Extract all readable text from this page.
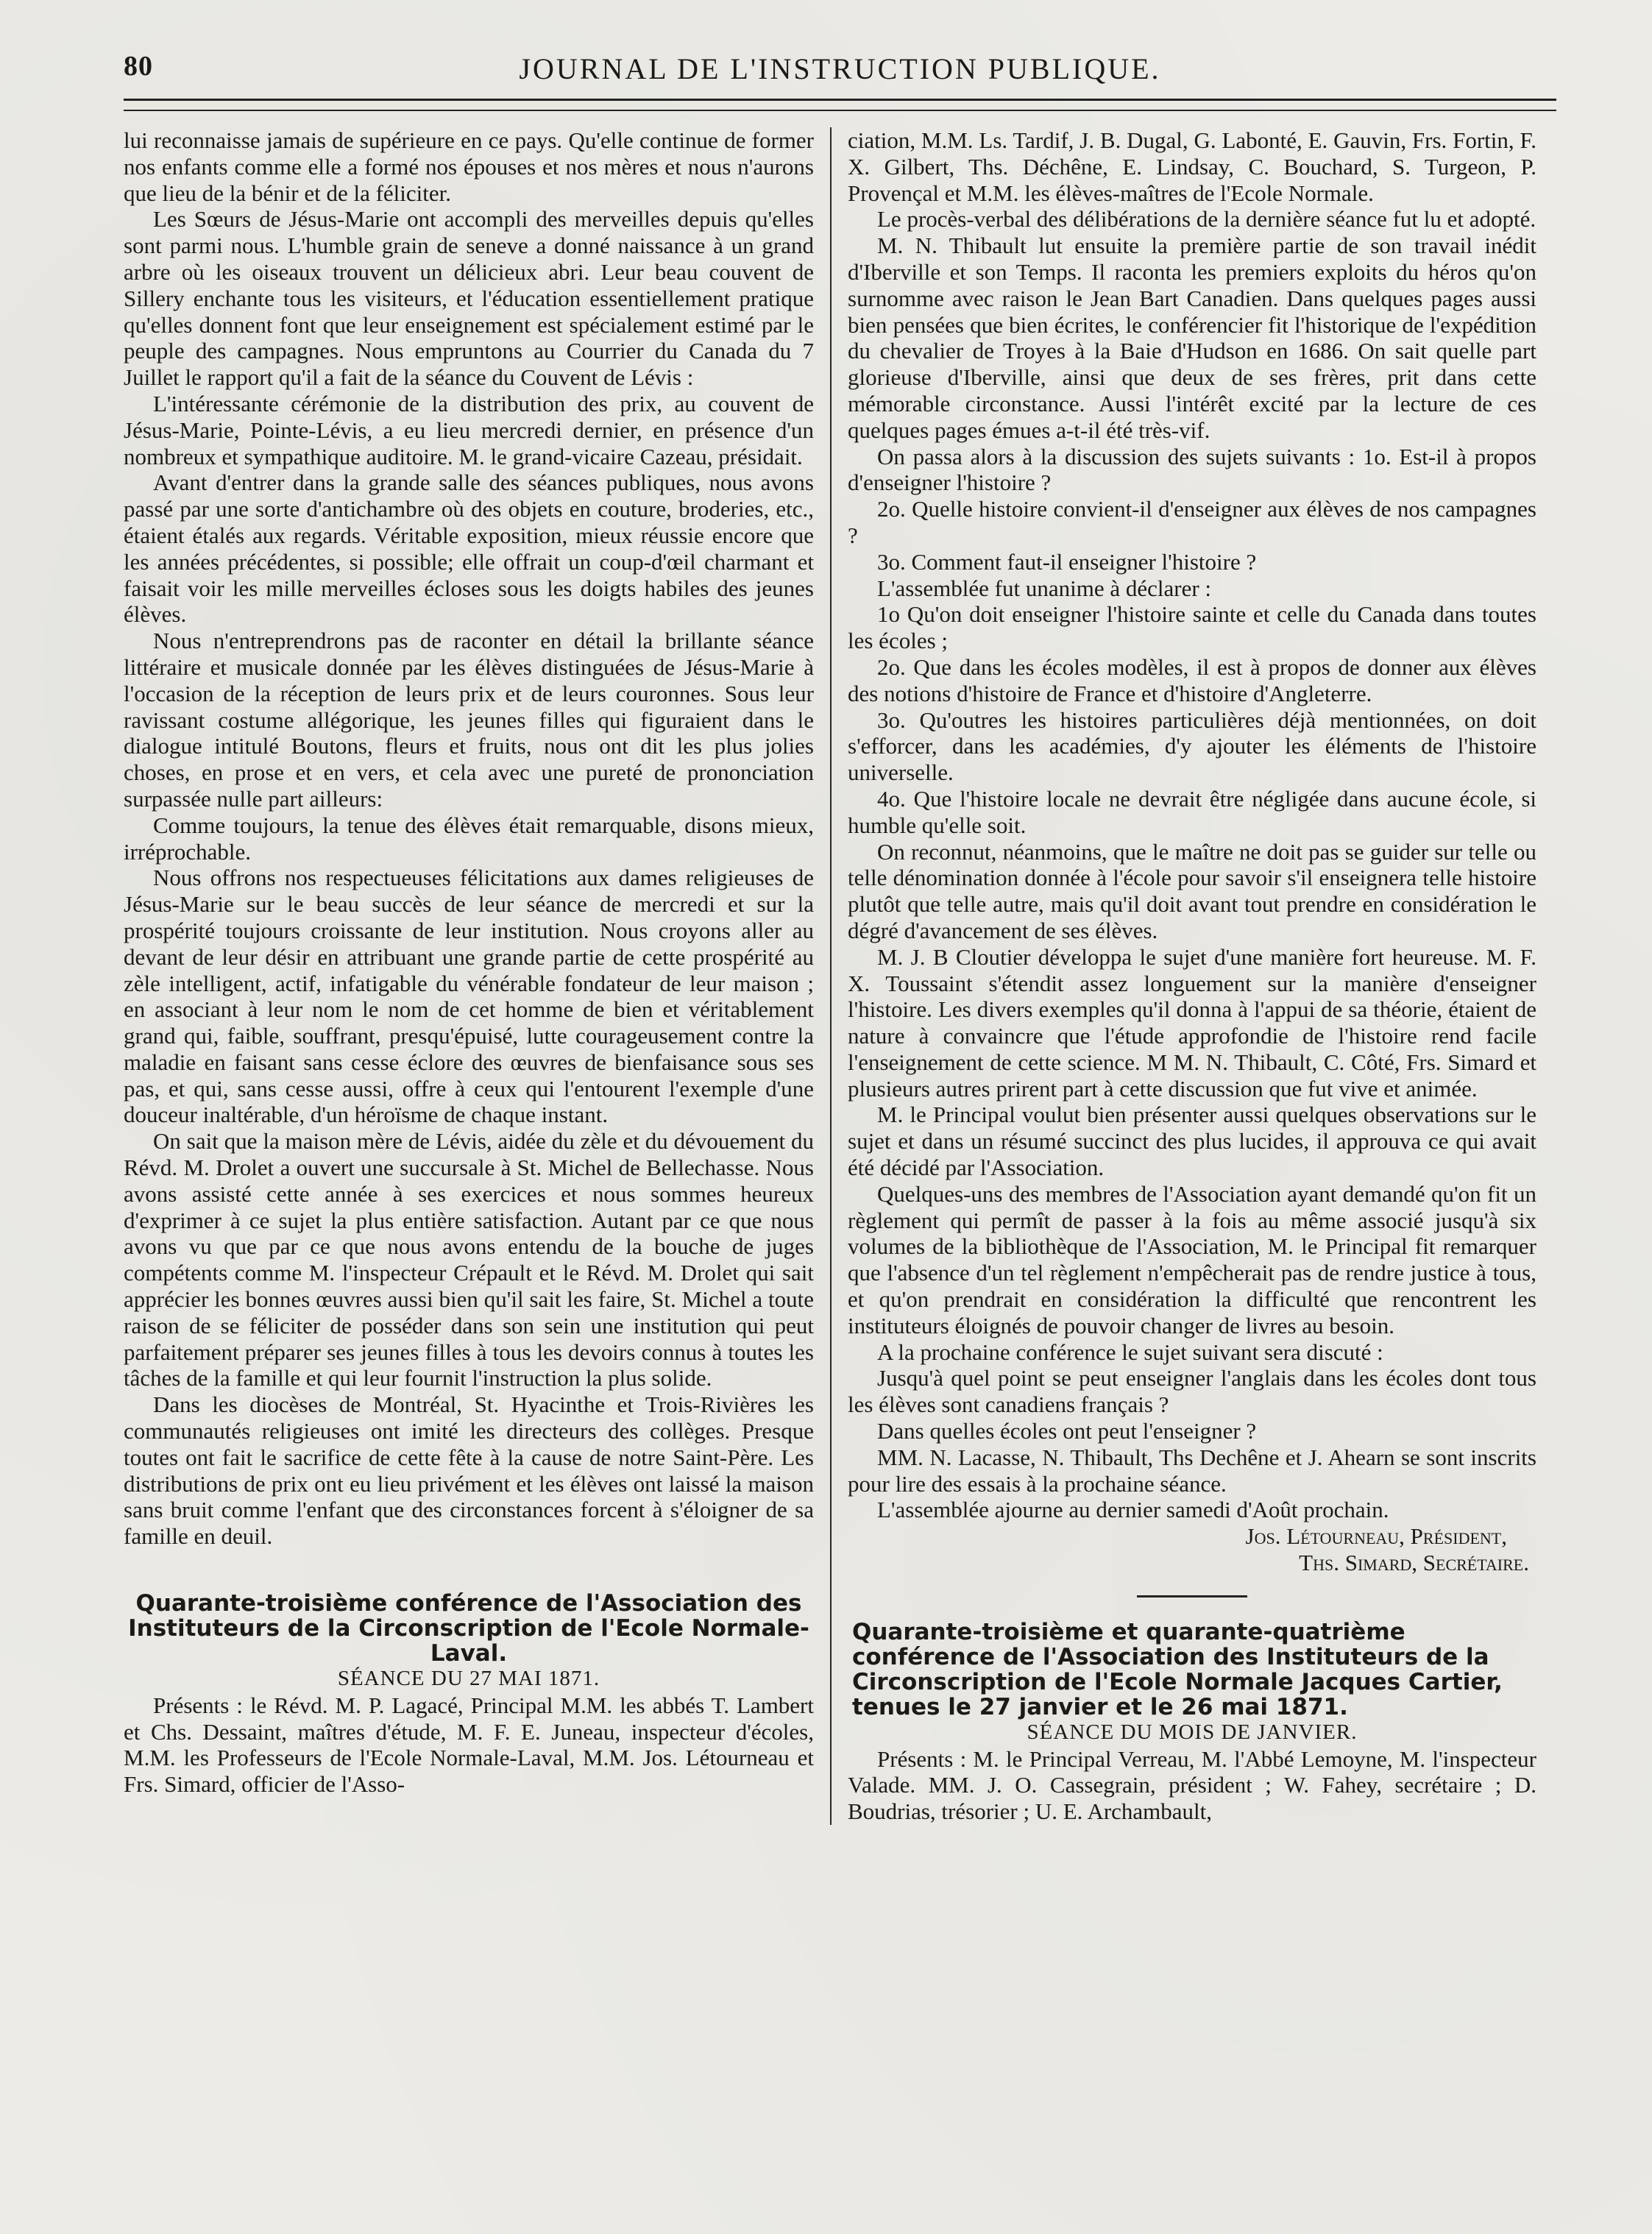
80	JOURNAL DE L'INSTRUCTION PUBLIQUE.

lui reconnaisse jamais de supérieure en ce pays. Qu'elle continue de former nos enfants comme elle a formé nos épouses et nos mères et nous n'aurons que lieu de la bénir et de la féliciter.

Les Sœurs de Jésus-Marie ont accompli des merveilles depuis qu'elles sont parmi nous. L'humble grain de seneve a donné naissance à un grand arbre où les oiseaux trouvent un délicieux abri. Leur beau couvent de Sillery enchante tous les visiteurs, et l'éducation essentiellement pratique qu'elles donnent font que leur enseignement est spécialement estimé par le peuple des campagnes. Nous empruntons au Courrier du Canada du 7 Juillet le rapport qu'il a fait de la séance du Couvent de Lévis :

L'intéressante cérémonie de la distribution des prix, au couvent de Jésus-Marie, Pointe-Lévis, a eu lieu mercredi dernier, en présence d'un nombreux et sympathique auditoire. M. le grand-vicaire Cazeau, présidait.

Avant d'entrer dans la grande salle des séances publiques, nous avons passé par une sorte d'antichambre où des objets en couture, broderies, etc., étaient étalés aux regards. Véritable exposition, mieux réussie encore que les années précédentes, si possible; elle offrait un coup-d'œil charmant et faisait voir les mille merveilles écloses sous les doigts habiles des jeunes élèves.

Nous n'entreprendrons pas de raconter en détail la brillante séance littéraire et musicale donnée par les élèves distinguées de Jésus-Marie à l'occasion de la réception de leurs prix et de leurs couronnes. Sous leur ravissant costume allégorique, les jeunes filles qui figuraient dans le dialogue intitulé Boutons, fleurs et fruits, nous ont dit les plus jolies choses, en prose et en vers, et cela avec une pureté de prononciation surpassée nulle part ailleurs:

Comme toujours, la tenue des élèves était remarquable, disons mieux, irréprochable.

Nous offrons nos respectueuses félicitations aux dames religieuses de Jésus-Marie sur le beau succès de leur séance de mercredi et sur la prospérité toujours croissante de leur institution. Nous croyons aller au devant de leur désir en attribuant une grande partie de cette prospérité au zèle intelligent, actif, infatigable du vénérable fondateur de leur maison ; en associant à leur nom le nom de cet homme de bien et véritablement grand qui, faible, souffrant, presqu'épuisé, lutte courageusement contre la maladie en faisant sans cesse éclore des œuvres de bienfaisance sous ses pas, et qui, sans cesse aussi, offre à ceux qui l'entourent l'exemple d'une douceur inaltérable, d'un héroïsme de chaque instant.

On sait que la maison mère de Lévis, aidée du zèle et du dévouement du Révd. M. Drolet a ouvert une succursale à St. Michel de Bellechasse. Nous avons assisté cette année à ses exercices et nous sommes heureux d'exprimer à ce sujet la plus entière satisfaction. Autant par ce que nous avons vu que par ce que nous avons entendu de la bouche de juges compétents comme M. l'inspecteur Crépault et le Révd. M. Drolet qui sait apprécier les bonnes œuvres aussi bien qu'il sait les faire, St. Michel a toute raison de se féliciter de posséder dans son sein une institution qui peut parfaitement préparer ses jeunes filles à tous les devoirs connus à toutes les tâches de la famille et qui leur fournit l'instruction la plus solide.

Dans les diocèses de Montréal, St. Hyacinthe et Trois-Rivières les communautés religieuses ont imité les directeurs des collèges. Presque toutes ont fait le sacrifice de cette fête à la cause de notre Saint-Père. Les distributions de prix ont eu lieu privément et les élèves ont laissé la maison sans bruit comme l'enfant que des circonstances forcent à s'éloigner de sa famille en deuil.

Quarante-troisième conférence de l'Association des Instituteurs de la Circonscription de l'Ecole Normale-Laval.

SÉANCE DU 27 MAI 1871.

Présents : le Révd. M. P. Lagacé, Principal M.M. les abbés T. Lambert et Chs. Dessaint, maîtres d'étude, M. F. E. Juneau, inspecteur d'écoles, M.M. les Professeurs de l'Ecole Normale-Laval, M.M. Jos. Létourneau et Frs. Simard, officier de l'Asso-

ciation, M.M. Ls. Tardif, J. B. Dugal, G. Labonté, E. Gauvin, Frs. Fortin, F. X. Gilbert, Ths. Déchêne, E. Lindsay, C. Bouchard, S. Turgeon, P. Provençal et M.M. les élèves-maîtres de l'Ecole Normale.

Le procès-verbal des délibérations de la dernière séance fut lu et adopté.

M. N. Thibault lut ensuite la première partie de son travail inédit d'Iberville et son Temps. Il raconta les premiers exploits du héros qu'on surnomme avec raison le Jean Bart Canadien. Dans quelques pages aussi bien pensées que bien écrites, le conférencier fit l'historique de l'expédition du chevalier de Troyes à la Baie d'Hudson en 1686. On sait quelle part glorieuse d'Iberville, ainsi que deux de ses frères, prit dans cette mémorable circonstance. Aussi l'intérêt excité par la lecture de ces quelques pages émues a-t-il été très-vif.

On passa alors à la discussion des sujets suivants : 1o. Est-il à propos d'enseigner l'histoire ?

2o. Quelle histoire convient-il d'enseigner aux élèves de nos campagnes ?

3o. Comment faut-il enseigner l'histoire ?

L'assemblée fut unanime à déclarer :

1o Qu'on doit enseigner l'histoire sainte et celle du Canada dans toutes les écoles ;

2o. Que dans les écoles modèles, il est à propos de donner aux élèves des notions d'histoire de France et d'histoire d'Angleterre.

3o. Qu'outres les histoires particulières déjà mentionnées, on doit s'efforcer, dans les académies, d'y ajouter les éléments de l'histoire universelle.

4o. Que l'histoire locale ne devrait être négligée dans aucune école, si humble qu'elle soit.

On reconnut, néanmoins, que le maître ne doit pas se guider sur telle ou telle dénomination donnée à l'école pour savoir s'il enseignera telle histoire plutôt que telle autre, mais qu'il doit avant tout prendre en considération le dégré d'avancement de ses élèves.

M. J. B Cloutier développa le sujet d'une manière fort heureuse. M. F. X. Toussaint s'étendit assez longuement sur la manière d'enseigner l'histoire. Les divers exemples qu'il donna à l'appui de sa théorie, étaient de nature à convaincre que l'étude approfondie de l'histoire rend facile l'enseignement de cette science. M M. N. Thibault, C. Côté, Frs. Simard et plusieurs autres prirent part à cette discussion que fut vive et animée.

M. le Principal voulut bien présenter aussi quelques observations sur le sujet et dans un résumé succinct des plus lucides, il approuva ce qui avait été décidé par l'Association.

Quelques-uns des membres de l'Association ayant demandé qu'on fit un règlement qui permît de passer à la fois au même associé jusqu'à six volumes de la bibliothèque de l'Association, M. le Principal fit remarquer que l'absence d'un tel règlement n'empêcherait pas de rendre justice à tous, et qu'on prendrait en considération la difficulté que rencontrent les instituteurs éloignés de pouvoir changer de livres au besoin.

A la prochaine conférence le sujet suivant sera discuté :

Jusqu'à quel point se peut enseigner l'anglais dans les écoles dont tous les élèves sont canadiens français ?

Dans quelles écoles ont peut l'enseigner ?

MM. N. Lacasse, N. Thibault, Ths Dechêne et J. Ahearn se sont inscrits pour lire des essais à la prochaine séance.

L'assemblée ajourne au dernier samedi d'Août prochain.

Jos. Létourneau, Président,

Ths. Simard, Secrétaire.

Quarante-troisième et quarante-quatrième conférence de l'Association des Instituteurs de la Circonscription de l'Ecole Normale Jacques Cartier, tenues le 27 janvier et le 26 mai 1871.

SÉANCE DU MOIS DE JANVIER.

Présents : M. le Principal Verreau, M. l'Abbé Lemoyne, M. l'inspecteur Valade. MM. J. O. Cassegrain, président ; W. Fahey, secrétaire ; D. Boudrias, trésorier ; U. E. Archambault,
